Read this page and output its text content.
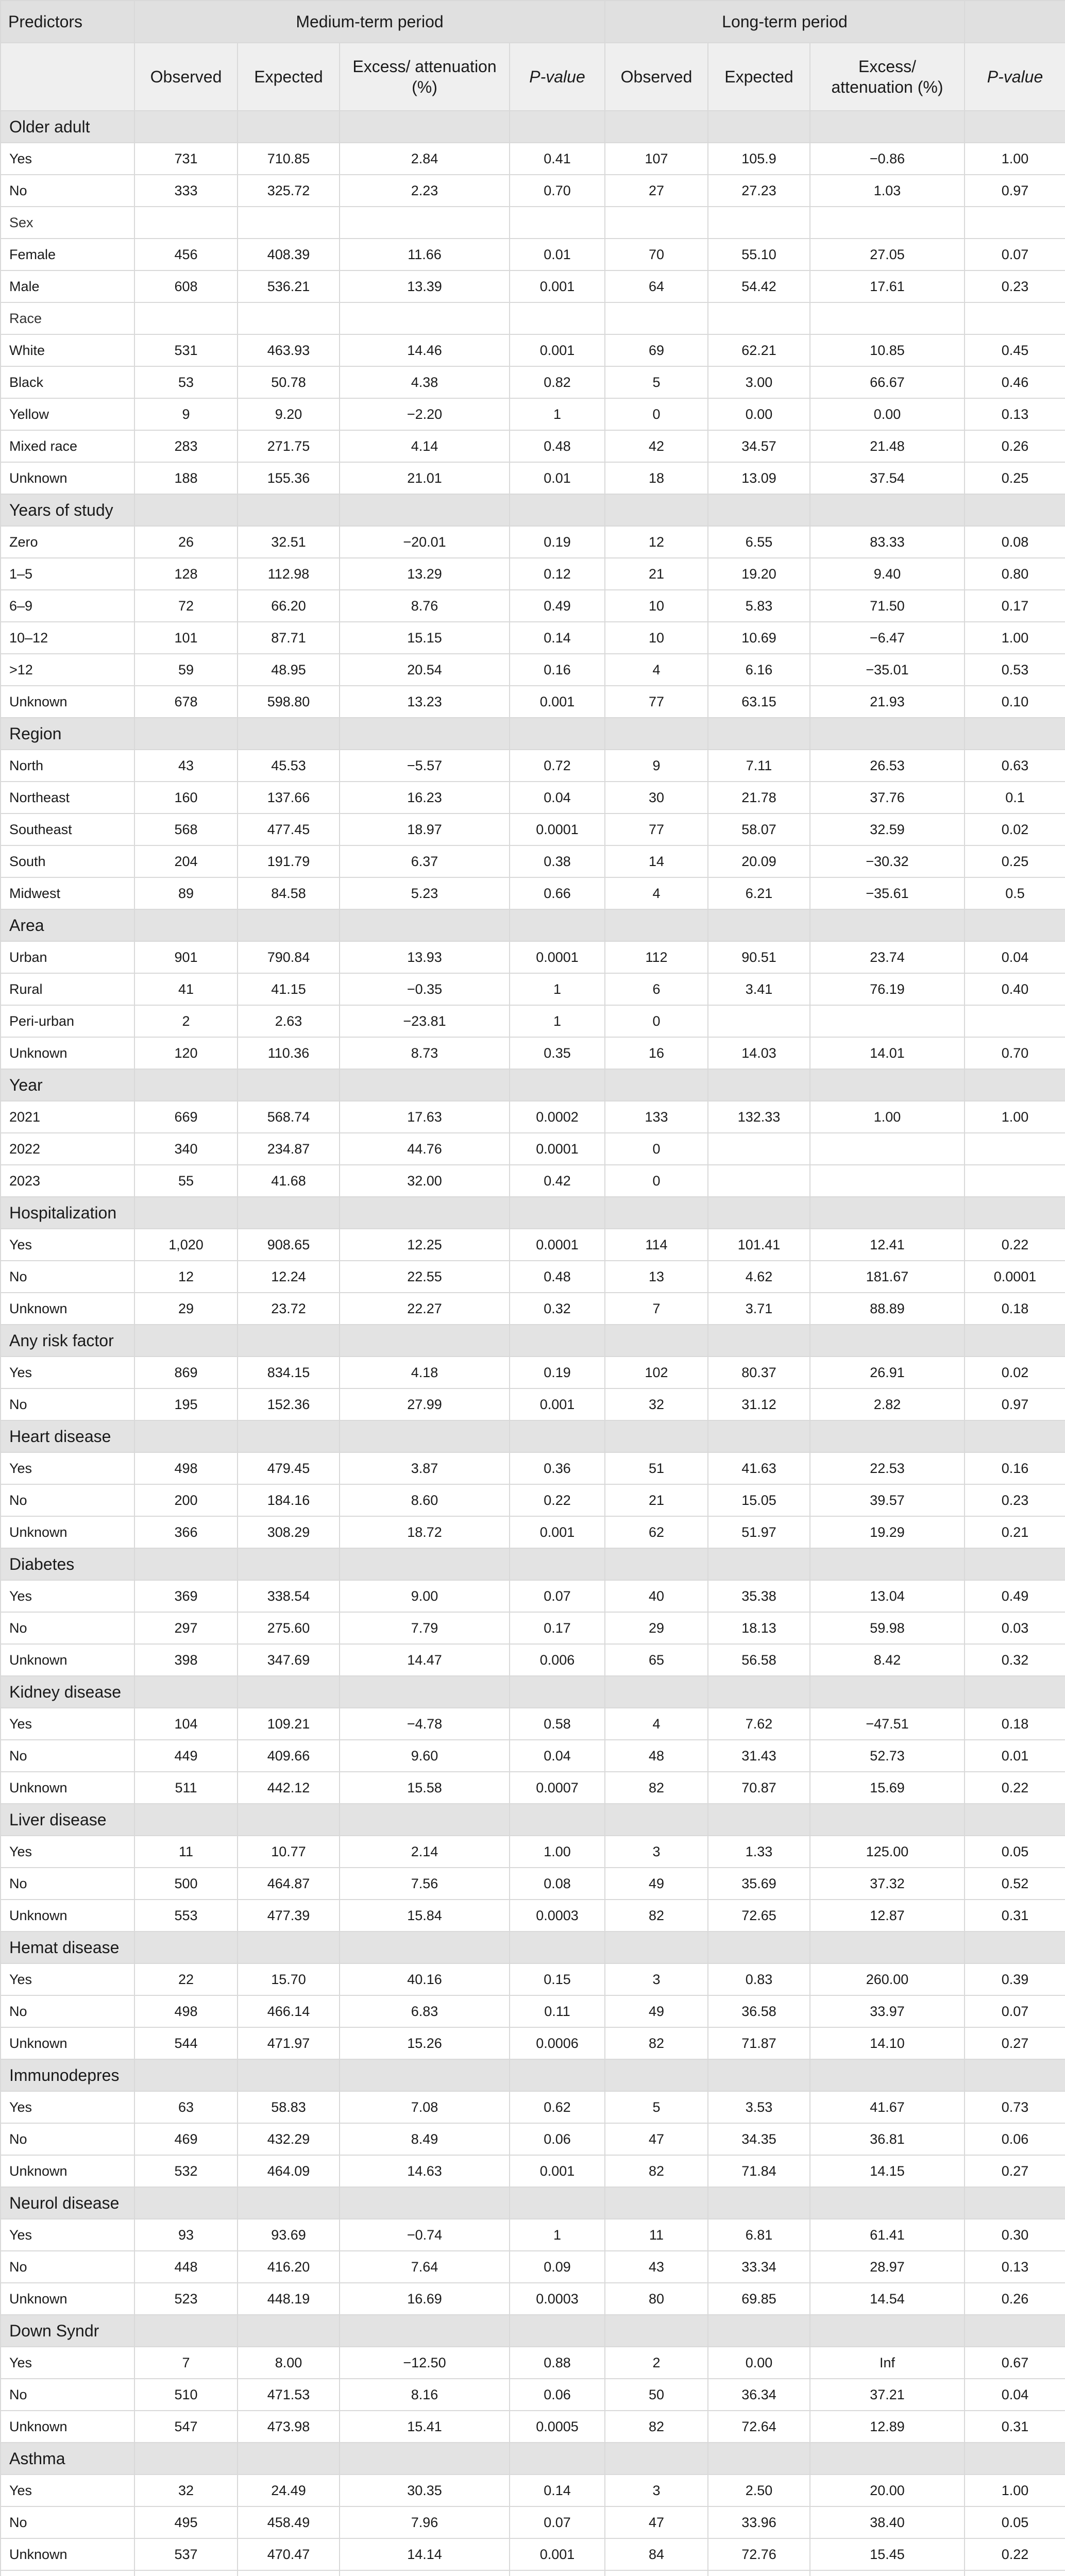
Predictors	Medium-term period				Long-term period			
	Observed	Expected	Excess/ attenuation (%)	P-value	Observed	Expected	Excess/ attenuation (%)	P-value
Older adult								
Yes	731	710.85	2.84	0.41	107	105.9	−0.86	1.00
No	333	325.72	2.23	0.70	27	27.23	1.03	0.97
Sex								
Female	456	408.39	11.66	0.01	70	55.10	27.05	0.07
Male	608	536.21	13.39	0.001	64	54.42	17.61	0.23
Race								
White	531	463.93	14.46	0.001	69	62.21	10.85	0.45
Black	53	50.78	4.38	0.82	5	3.00	66.67	0.46
Yellow	9	9.20	−2.20	1	0	0.00	0.00	0.13
Mixed race	283	271.75	4.14	0.48	42	34.57	21.48	0.26
Unknown	188	155.36	21.01	0.01	18	13.09	37.54	0.25
Years of study								
Zero	26	32.51	−20.01	0.19	12	6.55	83.33	0.08
1–5	128	112.98	13.29	0.12	21	19.20	9.40	0.80
6–9	72	66.20	8.76	0.49	10	5.83	71.50	0.17
10–12	101	87.71	15.15	0.14	10	10.69	−6.47	1.00
>12	59	48.95	20.54	0.16	4	6.16	−35.01	0.53
Unknown	678	598.80	13.23	0.001	77	63.15	21.93	0.10
Region								
North	43	45.53	−5.57	0.72	9	7.11	26.53	0.63
Northeast	160	137.66	16.23	0.04	30	21.78	37.76	0.1
Southeast	568	477.45	18.97	0.0001	77	58.07	32.59	0.02
South	204	191.79	6.37	0.38	14	20.09	−30.32	0.25
Midwest	89	84.58	5.23	0.66	4	6.21	−35.61	0.5
Area								
Urban	901	790.84	13.93	0.0001	112	90.51	23.74	0.04
Rural	41	41.15	−0.35	1	6	3.41	76.19	0.40
Peri-urban	2	2.63	−23.81	1	0			
Unknown	120	110.36	8.73	0.35	16	14.03	14.01	0.70
Year								
2021	669	568.74	17.63	0.0002	133	132.33	1.00	1.00
2022	340	234.87	44.76	0.0001	0			
2023	55	41.68	32.00	0.42	0			
Hospitalization								
Yes	1,020	908.65	12.25	0.0001	114	101.41	12.41	0.22
No	12	12.24	22.55	0.48	13	4.62	181.67	0.0001
Unknown	29	23.72	22.27	0.32	7	3.71	88.89	0.18
Any risk factor								
Yes	869	834.15	4.18	0.19	102	80.37	26.91	0.02
No	195	152.36	27.99	0.001	32	31.12	2.82	0.97
Heart disease								
Yes	498	479.45	3.87	0.36	51	41.63	22.53	0.16
No	200	184.16	8.60	0.22	21	15.05	39.57	0.23
Unknown	366	308.29	18.72	0.001	62	51.97	19.29	0.21
Diabetes								
Yes	369	338.54	9.00	0.07	40	35.38	13.04	0.49
No	297	275.60	7.79	0.17	29	18.13	59.98	0.03
Unknown	398	347.69	14.47	0.006	65	56.58	8.42	0.32
Kidney disease								
Yes	104	109.21	−4.78	0.58	4	7.62	−47.51	0.18
No	449	409.66	9.60	0.04	48	31.43	52.73	0.01
Unknown	511	442.12	15.58	0.0007	82	70.87	15.69	0.22
Liver disease								
Yes	11	10.77	2.14	1.00	3	1.33	125.00	0.05
No	500	464.87	7.56	0.08	49	35.69	37.32	0.52
Unknown	553	477.39	15.84	0.0003	82	72.65	12.87	0.31
Hemat disease								
Yes	22	15.70	40.16	0.15	3	0.83	260.00	0.39
No	498	466.14	6.83	0.11	49	36.58	33.97	0.07
Unknown	544	471.97	15.26	0.0006	82	71.87	14.10	0.27
Immunodepres								
Yes	63	58.83	7.08	0.62	5	3.53	41.67	0.73
No	469	432.29	8.49	0.06	47	34.35	36.81	0.06
Unknown	532	464.09	14.63	0.001	82	71.84	14.15	0.27
Neurol disease								
Yes	93	93.69	−0.74	1	11	6.81	61.41	0.30
No	448	416.20	7.64	0.09	43	33.34	28.97	0.13
Unknown	523	448.19	16.69	0.0003	80	69.85	14.54	0.26
Down Syndr								
Yes	7	8.00	−12.50	0.88	2	0.00	Inf	0.67
No	510	471.53	8.16	0.06	50	36.34	37.21	0.04
Unknown	547	473.98	15.41	0.0005	82	72.64	12.89	0.31
Asthma								
Yes	32	24.49	30.35	0.14	3	2.50	20.00	1.00
No	495	458.49	7.96	0.07	47	33.96	38.40	0.05
Unknown	537	470.47	14.14	0.001	84	72.76	15.45	0.22
